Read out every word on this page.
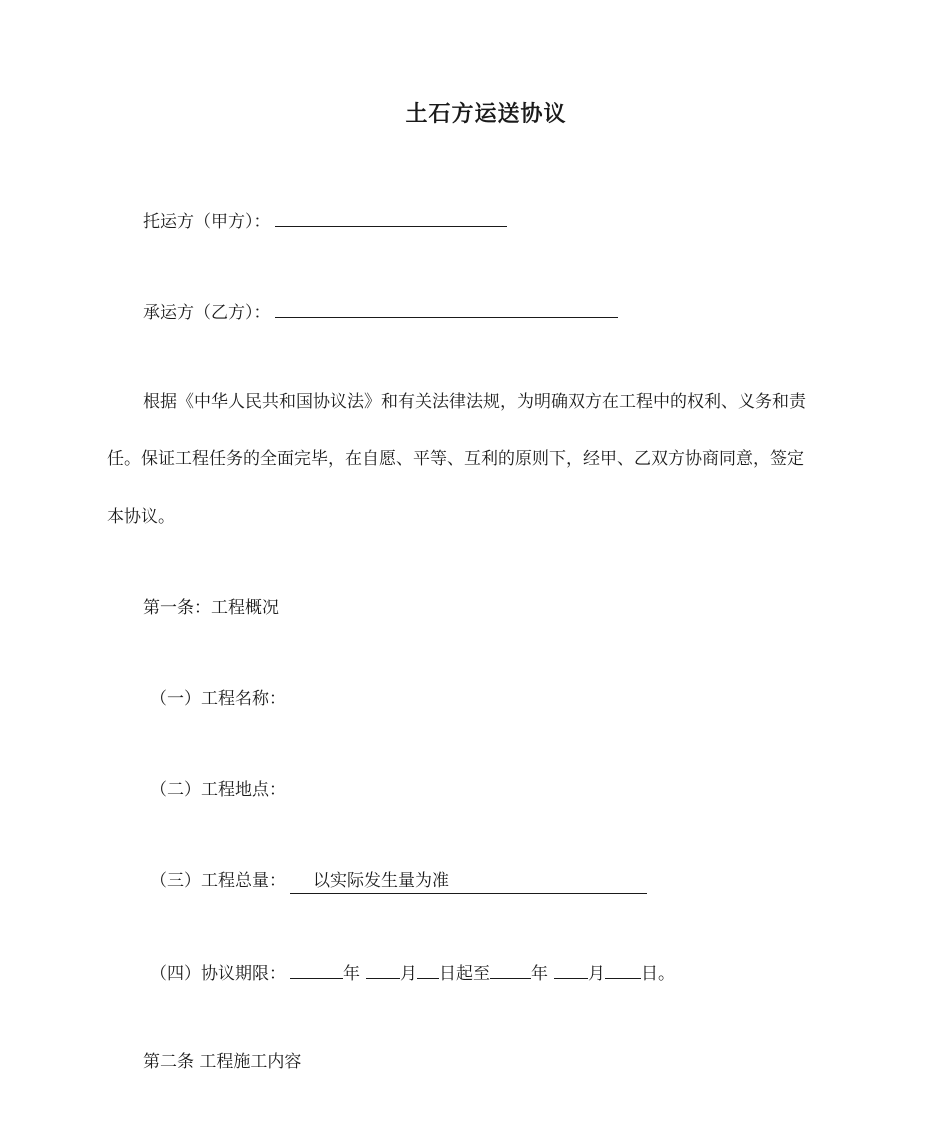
土石方运送协议
托运方（甲方）：
承运方（乙方）：
根据《中华人民共和国协议法》和有关法律法规，为明确双方在工程中的权利、义务和责
任。保证工程任务的全面完毕，在自愿、平等、互利的原则下，经甲、乙双方协商同意，签定
本协议。
第一条：工程概况
（一）工程名称：
（二）工程地点：
（三）工程总量： 以实际发生量为准
（四）协议期限：	年 月 日起至 年 月 日。
第二条 工程施工内容
